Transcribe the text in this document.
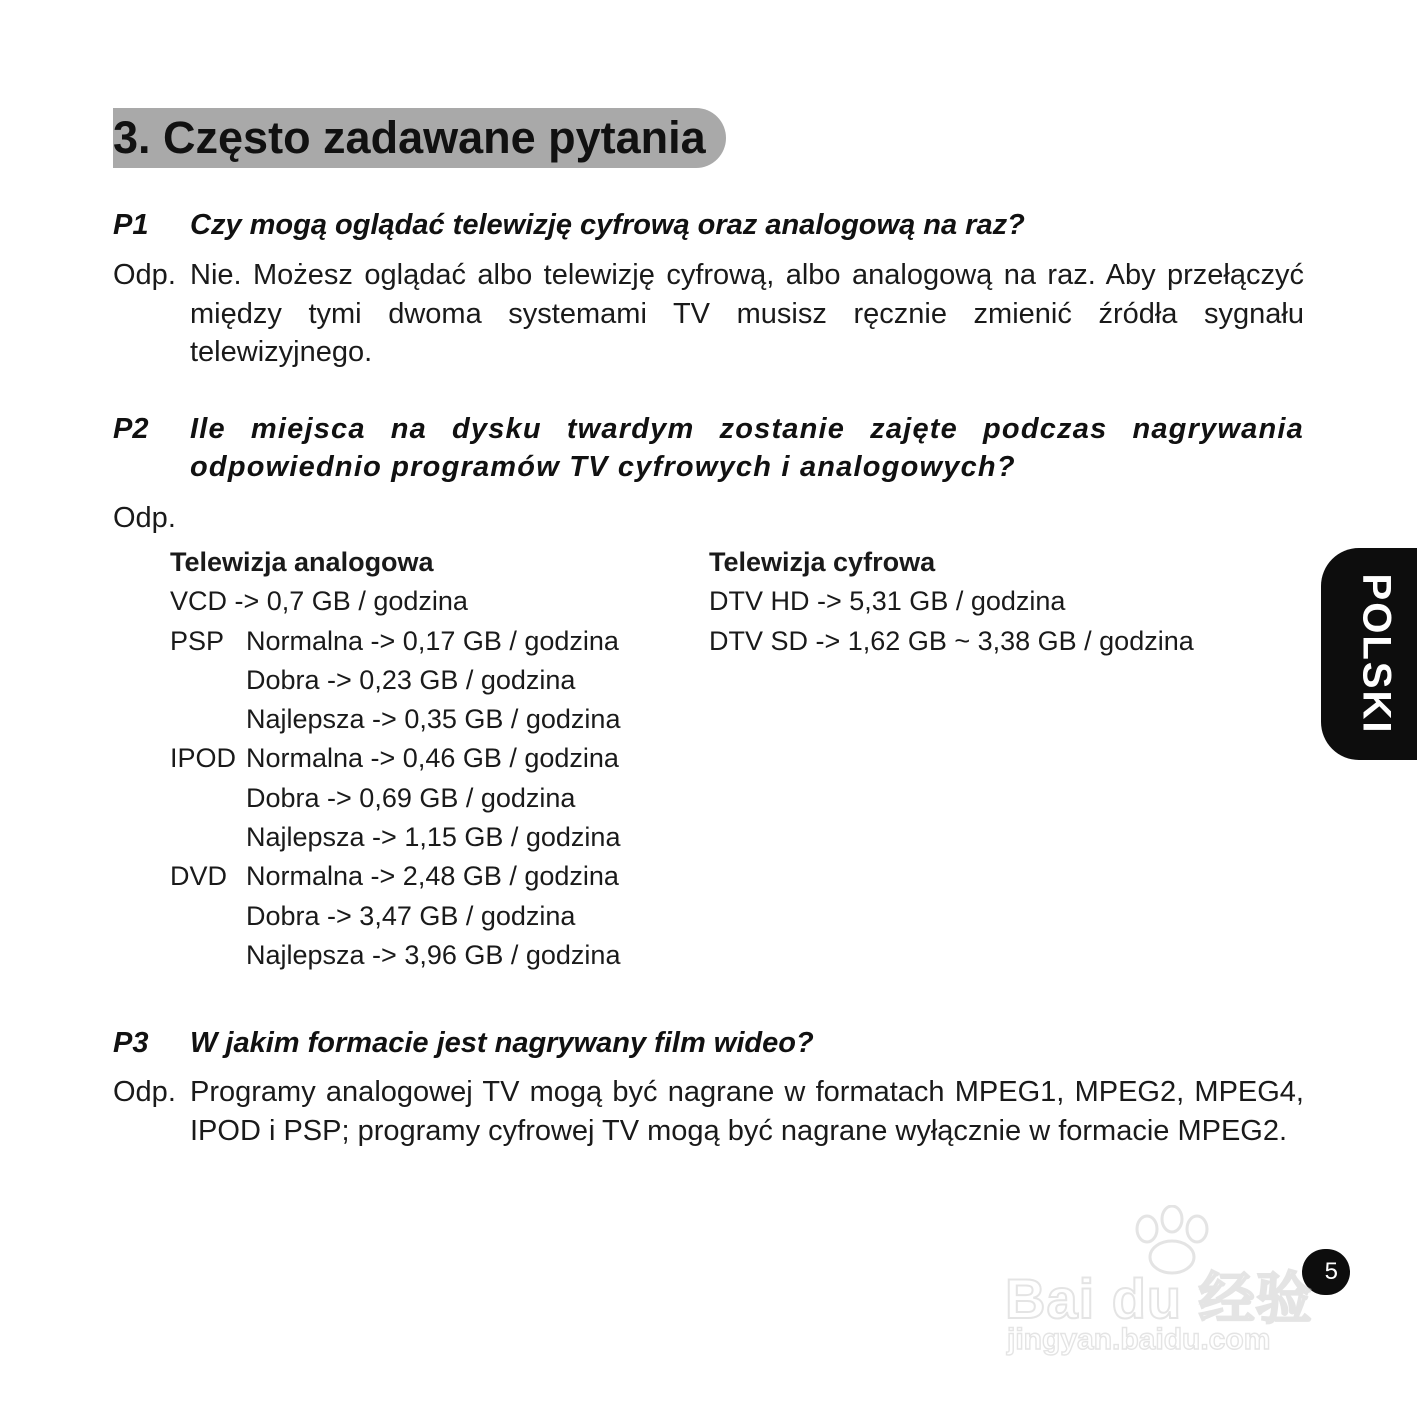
3. Często zadawane pytania
P1 Czy mogą oglądać telewizję cyfrową oraz analogową na raz?
Odp. Nie. Możesz oglądać albo telewizję cyfrową, albo analogową na raz. Aby przełączyć między tymi dwoma systemami TV musisz ręcznie zmienić źródła sygnału telewizyjnego.
P2 Ile miejsca na dysku twardym zostanie zajęte podczas nagrywania odpowiednio programów TV cyfrowych i analogowych?
Odp.
Telewizja analogowa
VCD -> 0,7 GB / godzina
PSP Normalna -> 0,17 GB / godzina
Dobra -> 0,23 GB / godzina
Najlepsza -> 0,35 GB / godzina
IPOD Normalna -> 0,46 GB / godzina
Dobra -> 0,69 GB / godzina
Najlepsza -> 1,15 GB / godzina
DVD Normalna -> 2,48 GB / godzina
Dobra -> 3,47 GB / godzina
Najlepsza -> 3,96 GB / godzina
Telewizja cyfrowa
DTV HD -> 5,31 GB / godzina
DTV SD -> 1,62 GB ~ 3,38 GB / godzina
P3 W jakim formacie jest nagrywany film wideo?
Odp. Programy analogowej TV mogą być nagrane w formatach MPEG1, MPEG2, MPEG4, IPOD i PSP; programy cyfrowej TV mogą być nagrane wyłącznie w formacie MPEG2.
POLSKI
5
Bai du 经验
jingyan.baidu.com
